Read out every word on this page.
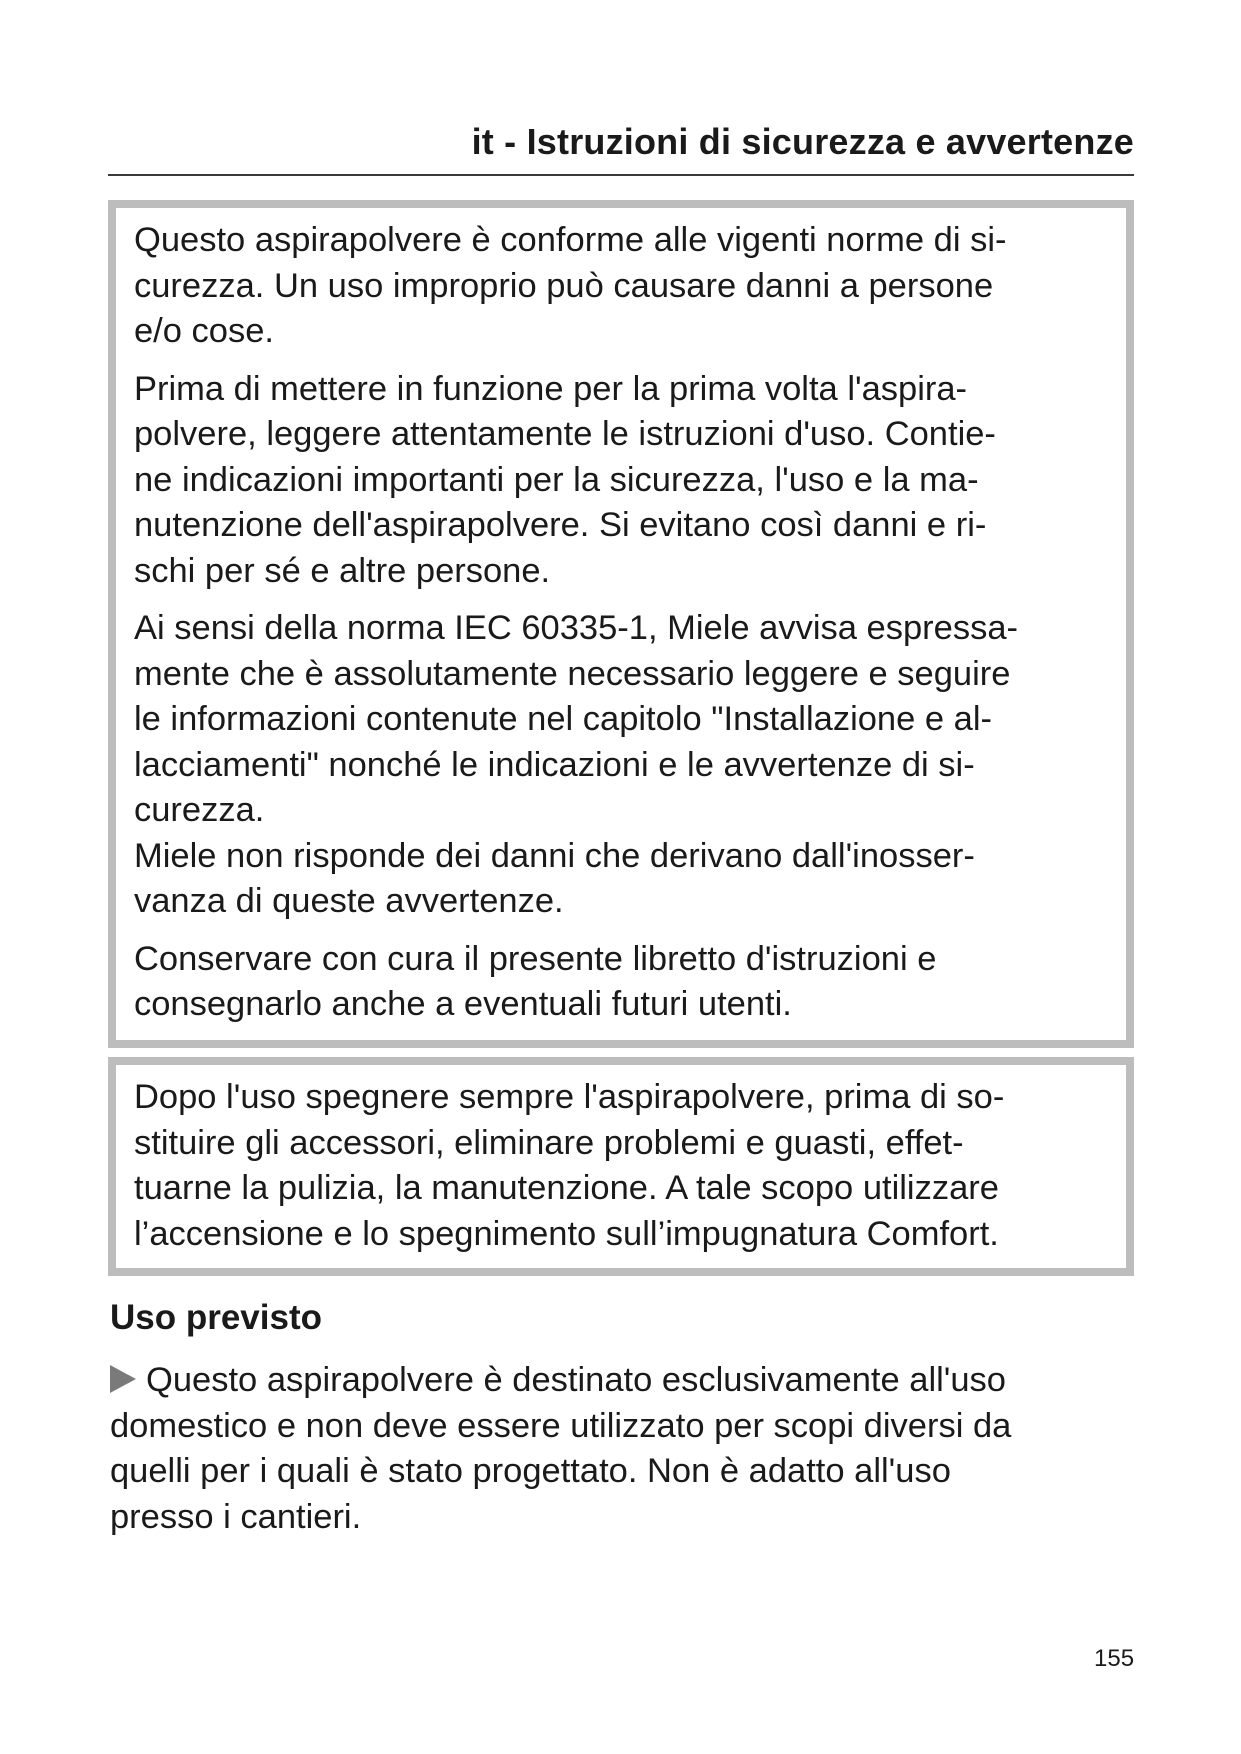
it - Istruzioni di sicurezza e avvertenze

Questo aspirapolvere è conforme alle vigenti norme di si-
curezza. Un uso improprio può causare danni a persone
e/o cose.

Prima di mettere in funzione per la prima volta l'aspira-
polvere, leggere attentamente le istruzioni d'uso. Contie-
ne indicazioni importanti per la sicurezza, l'uso e la ma-
nutenzione dell'aspirapolvere. Si evitano così danni e ri-
schi per sé e altre persone.

Ai sensi della norma IEC 60335-1, Miele avvisa espressa-
mente che è assolutamente necessario leggere e seguire
le informazioni contenute nel capitolo "Installazione e al-
lacciamenti" nonché le indicazioni e le avvertenze di si-
curezza.

Miele non risponde dei danni che derivano dall'inosser-
vanza di queste avvertenze.

Conservare con cura il presente libretto d'istruzioni e
consegnarlo anche a eventuali futuri utenti.

Dopo l'uso spegnere sempre l'aspirapolvere, prima di so-
stituire gli accessori, eliminare problemi e guasti, effet-
tuarne la pulizia, la manutenzione. A tale scopo utilizzare
l’accensione e lo spegnimento sull’impugnatura Comfort.

Uso previsto
Questo aspirapolvere è destinato esclusivamente all'uso
domestico e non deve essere utilizzato per scopi diversi da
quelli per i quali è stato progettato. Non è adatto all'uso
presso i cantieri.
155
